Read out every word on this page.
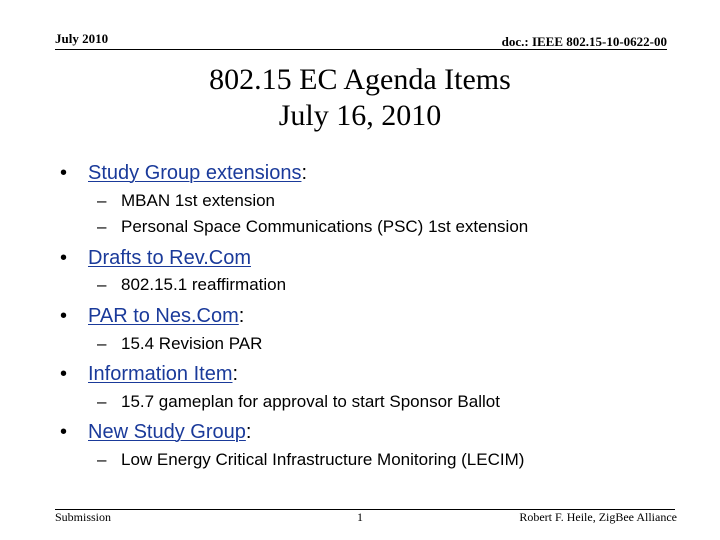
July 2010	doc.: IEEE 802.15-10-0622-00
802.15 EC Agenda Items
July 16, 2010
• Study Group extensions:
– MBAN 1st extension
– Personal Space Communications (PSC) 1st extension
• Drafts to Rev.Com
– 802.15.1 reaffirmation
• PAR to Nes.Com:
– 15.4 Revision PAR
• Information Item:
– 15.7 gameplan for approval to start Sponsor Ballot
• New Study Group:
– Low Energy Critical Infrastructure Monitoring (LECIM)
Submission	1	Robert F. Heile, ZigBee Alliance
